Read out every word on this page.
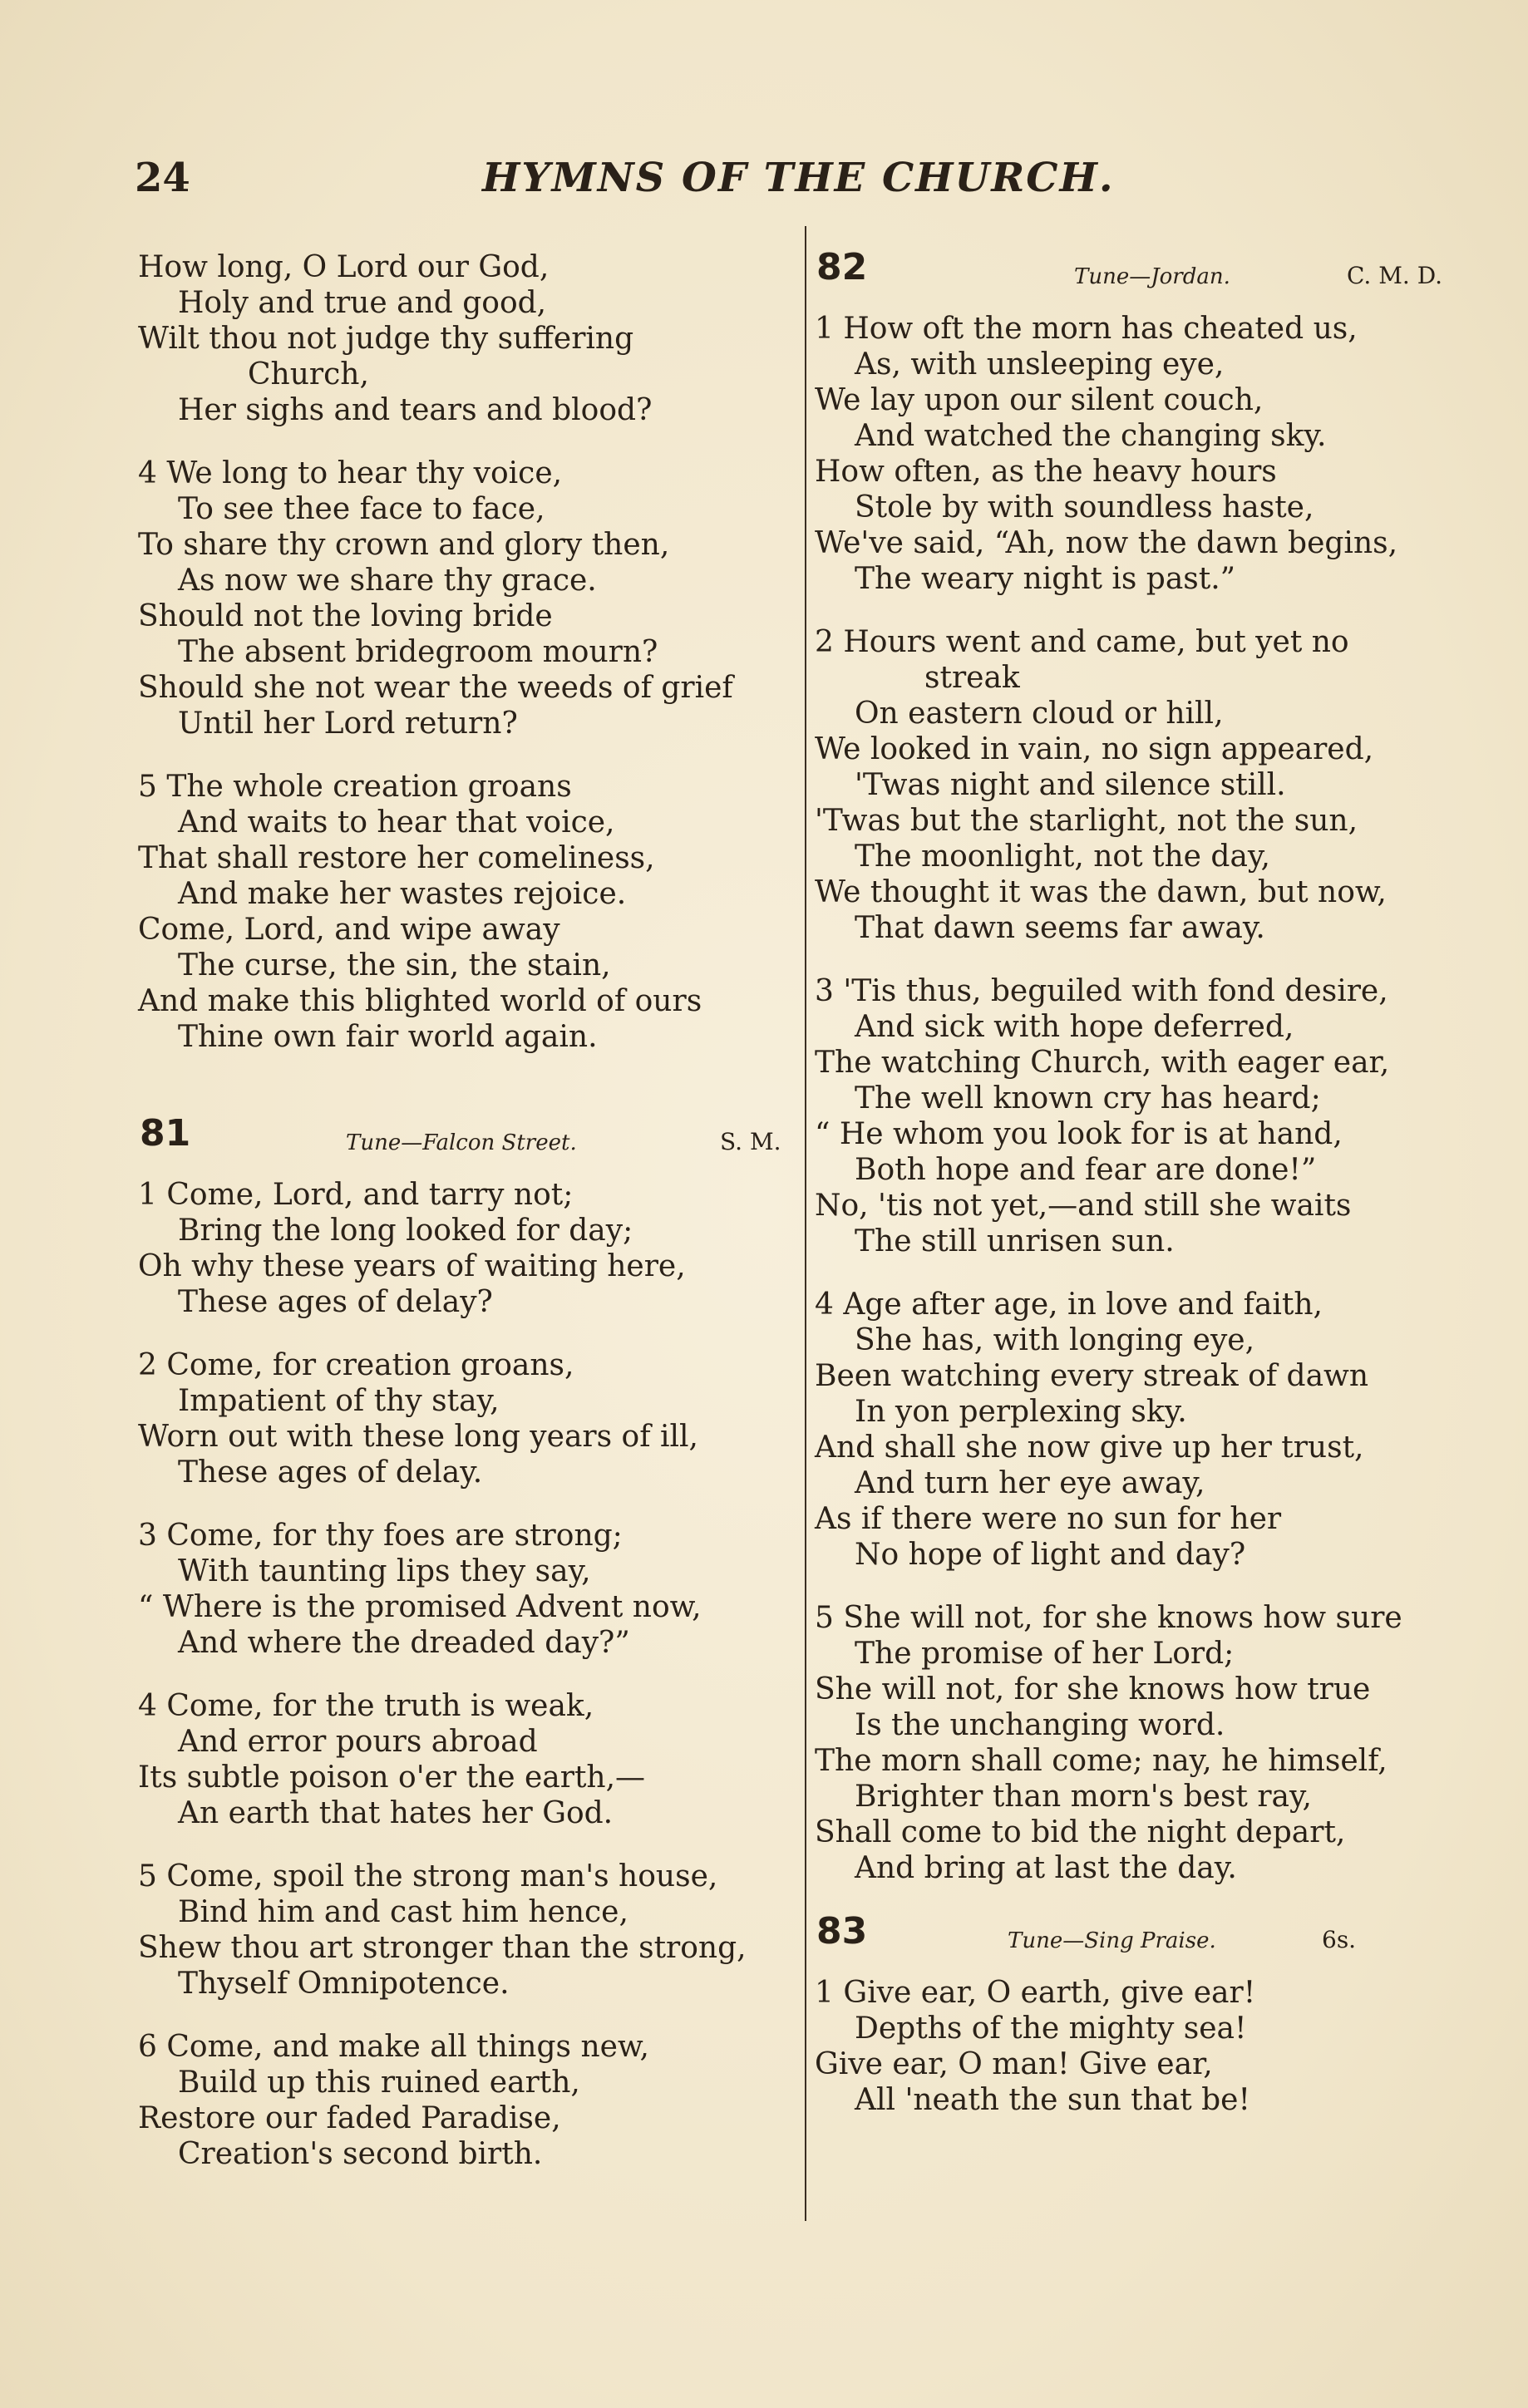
24	HYMNS OF THE CHURCH.
How long, O Lord our God,
Holy and true and good,
Wilt thou not judge thy suffering
Church,
Her sighs and tears and blood?
4 We long to hear thy voice,
To see thee face to face,
To share thy crown and glory then,
As now we share thy grace.
Should not the loving bride
The absent bridegroom mourn?
Should she not wear the weeds of grief
Until her Lord return?
5 The whole creation groans
And waits to hear that voice,
That shall restore her comeliness,
And make her wastes rejoice.
Come, Lord, and wipe away
The curse, the sin, the stain,
And make this blighted world of ours
Thine own fair world again.
81	Tune—Falcon Street.	S. M.
1 Come, Lord, and tarry not;
Bring the long looked for day;
Oh why these years of waiting here,
These ages of delay?
2 Come, for creation groans,
Impatient of thy stay,
Worn out with these long years of ill,
These ages of delay.
3 Come, for thy foes are strong;
With taunting lips they say,
“ Where is the promised Advent now,
And where the dreaded day?”
4 Come, for the truth is weak,
And error pours abroad
Its subtle poison o'er the earth,—
An earth that hates her God.
5 Come, spoil the strong man's house,
Bind him and cast him hence,
Shew thou art stronger than the strong,
Thyself Omnipotence.
6 Come, and make all things new,
Build up this ruined earth,
Restore our faded Paradise,
Creation's second birth.
82	Tune—Jordan.	C. M. D.
1 How oft the morn has cheated us,
As, with unsleeping eye,
We lay upon our silent couch,
And watched the changing sky.
How often, as the heavy hours
Stole by with soundless haste,
We've said, “Ah, now the dawn begins,
The weary night is past.”
2 Hours went and came, but yet no
streak
On eastern cloud or hill,
We looked in vain, no sign appeared,
'Twas night and silence still.
'Twas but the starlight, not the sun,
The moonlight, not the day,
We thought it was the dawn, but now,
That dawn seems far away.
3 'Tis thus, beguiled with fond desire,
And sick with hope deferred,
The watching Church, with eager ear,
The well known cry has heard;
“ He whom you look for is at hand,
Both hope and fear are done!”
No, 'tis not yet,—and still she waits
The still unrisen sun.
4 Age after age, in love and faith,
She has, with longing eye,
Been watching every streak of dawn
In yon perplexing sky.
And shall she now give up her trust,
And turn her eye away,
As if there were no sun for her
No hope of light and day?
5 She will not, for she knows how sure
The promise of her Lord;
She will not, for she knows how true
Is the unchanging word.
The morn shall come; nay, he himself,
Brighter than morn's best ray,
Shall come to bid the night depart,
And bring at last the day.
83	Tune—Sing Praise.	6s.
1 Give ear, O earth, give ear!
Depths of the mighty sea!
Give ear, O man! Give ear,
All 'neath the sun that be!
